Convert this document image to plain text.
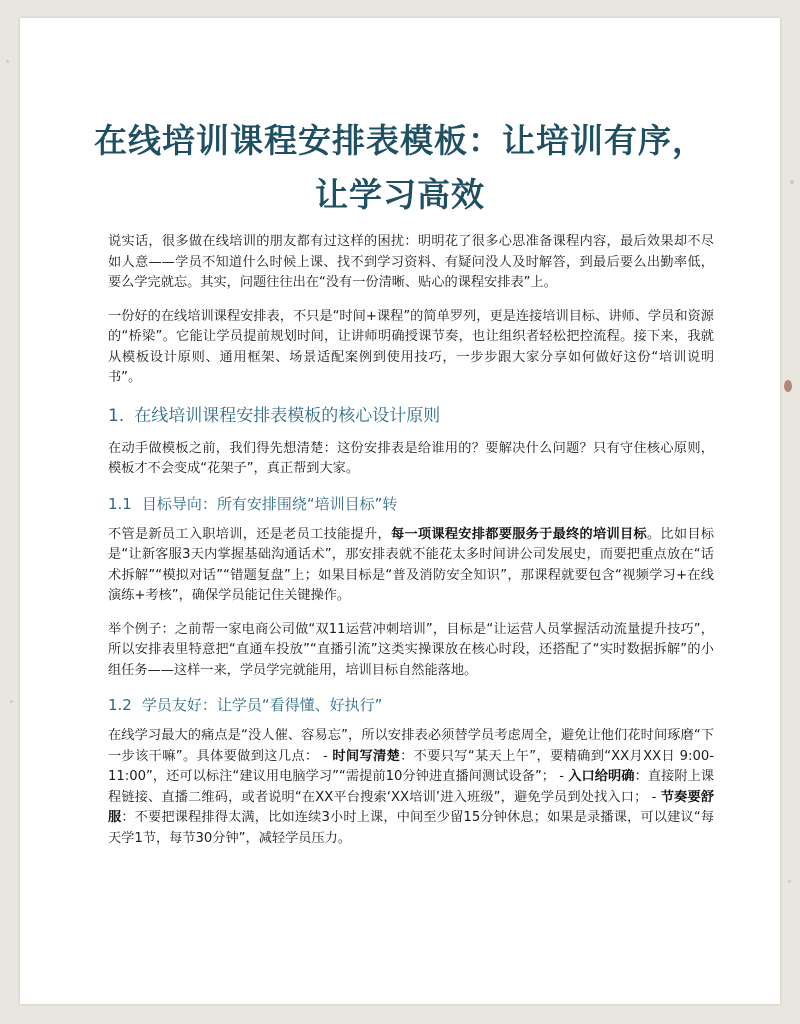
在线培训课程安排表模板：让培训有序，让学习高效

说实话，很多做在线培训的朋友都有过这样的困扰：明明花了很多心思准备课程内容，最后效果却不尽如人意——学员不知道什么时候上课、找不到学习资料、有疑问没人及时解答，到最后要么出勤率低，要么学完就忘。其实，问题往往出在“没有一份清晰、贴心的课程安排表”上。

一份好的在线培训课程安排表，不只是“时间+课程”的简单罗列，更是连接培训目标、讲师、学员和资源的“桥梁”。它能让学员提前规划时间，让讲师明确授课节奏，也让组织者轻松把控流程。接下来，我就从模板设计原则、通用框架、场景适配案例到使用技巧，一步步跟大家分享如何做好这份“培训说明书”。

1. 在线培训课程安排表模板的核心设计原则

在动手做模板之前，我们得先想清楚：这份安排表是给谁用的？要解决什么问题？只有守住核心原则，模板才不会变成“花架子”，真正帮到大家。

1.1 目标导向：所有安排围绕“培训目标”转

不管是新员工入职培训，还是老员工技能提升，每一项课程安排都要服务于最终的培训目标。比如目标是“让新客服3天内掌握基础沟通话术”，那安排表就不能花太多时间讲公司发展史，而要把重点放在“话术拆解”“模拟对话”“错题复盘”上；如果目标是“普及消防安全知识”，那课程就要包含“视频学习+在线演练+考核”，确保学员能记住关键操作。

举个例子：之前帮一家电商公司做“双11运营冲刺培训”，目标是“让运营人员掌握活动流量提升技巧”，所以安排表里特意把“直通车投放”“直播引流”这类实操课放在核心时段，还搭配了“实时数据拆解”的小组任务——这样一来，学员学完就能用，培训目标自然能落地。

1.2 学员友好：让学员“看得懂、好执行”

在线学习最大的痛点是“没人催、容易忘”，所以安排表必须替学员考虑周全，避免让他们花时间琢磨“下一步该干嘛”。具体要做到这几点： - 时间写清楚：不要只写“某天上午”，要精确到“XX月XX日 9:00-11:00”，还可以标注“建议用电脑学习”“需提前10分钟进直播间测试设备”； - 入口给明确：直接附上课程链接、直播二维码，或者说明“在XX平台搜索‘XX培训’进入班级”，避免学员到处找入口； - 节奏要舒服：不要把课程排得太满，比如连续3小时上课，中间至少留15分钟休息；如果是录播课，可以建议“每天学1节，每节30分钟”，减轻学员压力。
